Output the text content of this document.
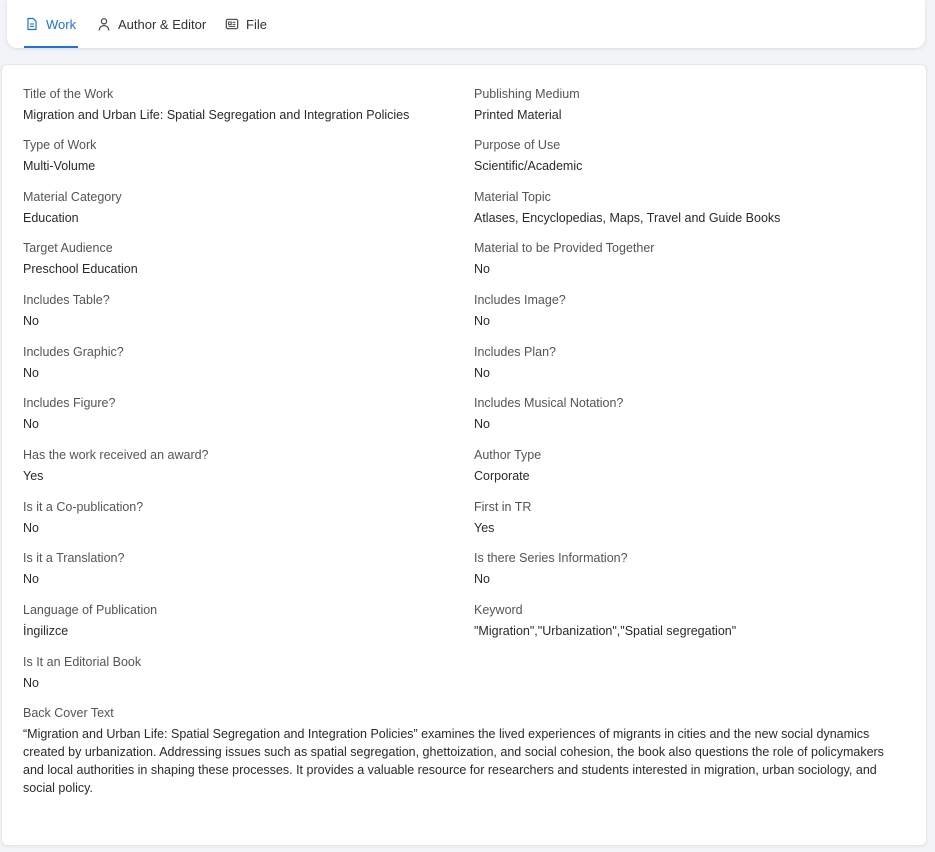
Work	Author & Editor	File
Title of the Work
Migration and Urban Life: Spatial Segregation and Integration Policies
Publishing Medium
Printed Material
Type of Work
Multi-Volume
Purpose of Use
Scientific/Academic
Material Category
Education
Material Topic
Atlases, Encyclopedias, Maps, Travel and Guide Books
Target Audience
Preschool Education
Material to be Provided Together
No
Includes Table?
No
Includes Image?
No
Includes Graphic?
No
Includes Plan?
No
Includes Figure?
No
Includes Musical Notation?
No
Has the work received an award?
Yes
Author Type
Corporate
Is it a Co-publication?
No
First in TR
Yes
Is it a Translation?
No
Is there Series Information?
No
Language of Publication
İngilizce
Keyword
"Migration","Urbanization","Spatial segregation"
Is It an Editorial Book
No
Back Cover Text
“Migration and Urban Life: Spatial Segregation and Integration Policies” examines the lived experiences of migrants in cities and the new social dynamics created by urbanization. Addressing issues such as spatial segregation, ghettoization, and social cohesion, the book also questions the role of policymakers and local authorities in shaping these processes. It provides a valuable resource for researchers and students interested in migration, urban sociology, and social policy.
